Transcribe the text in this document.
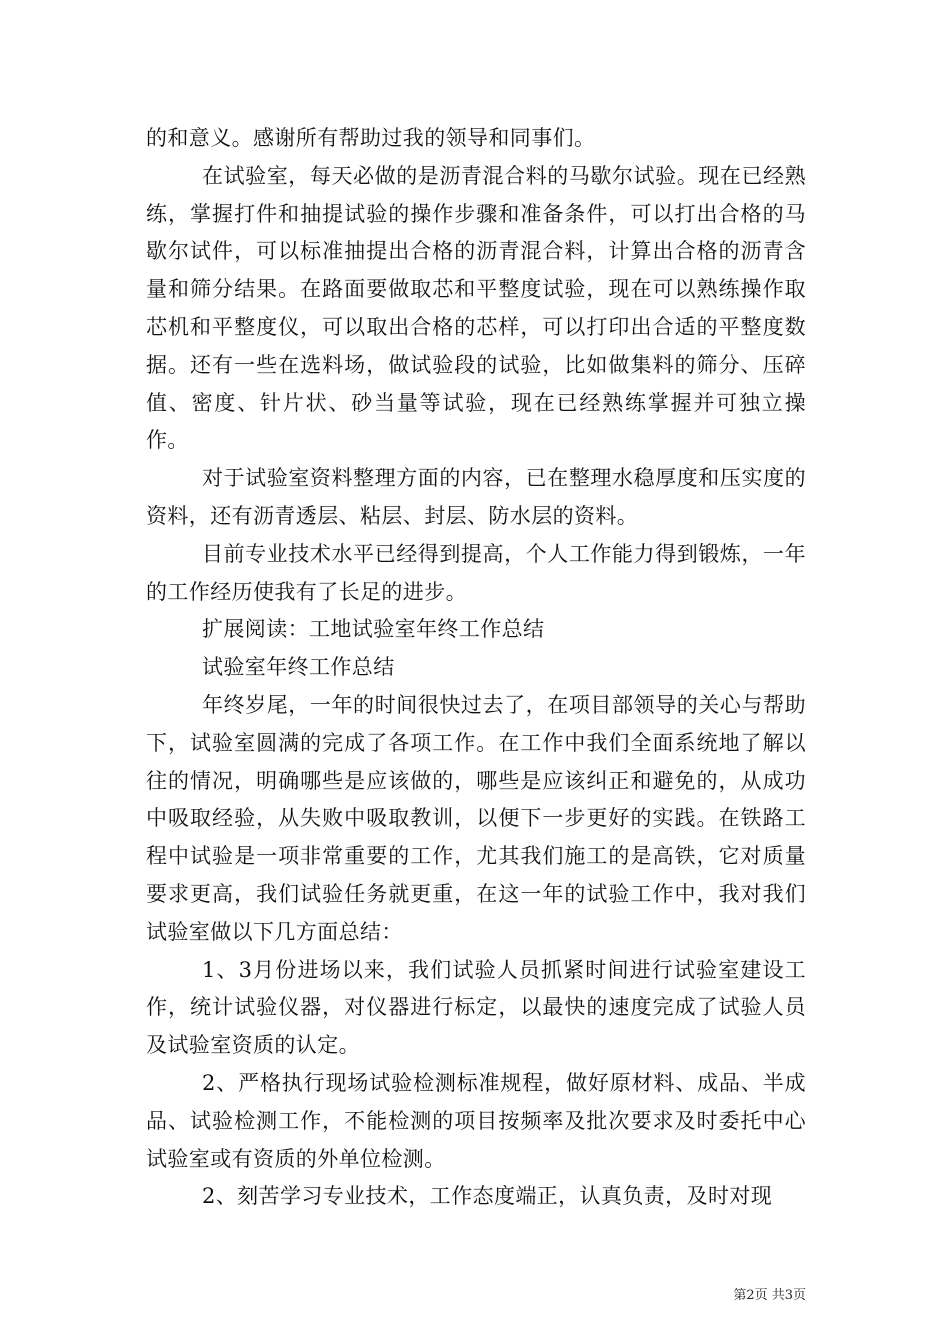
的和意义。感谢所有帮助过我的领导和同事们。

在试验室，每天必做的是沥青混合料的马歇尔试验。现在已经熟练，掌握打件和抽提试验的操作步骤和准备条件，可以打出合格的马歇尔试件，可以标准抽提出合格的沥青混合料，计算出合格的沥青含量和筛分结果。在路面要做取芯和平整度试验，现在可以熟练操作取芯机和平整度仪，可以取出合格的芯样，可以打印出合适的平整度数据。还有一些在选料场，做试验段的试验，比如做集料的筛分、压碎值、密度、针片状、砂当量等试验，现在已经熟练掌握并可独立操作。

对于试验室资料整理方面的内容，已在整理水稳厚度和压实度的资料，还有沥青透层、粘层、封层、防水层的资料。

目前专业技术水平已经得到提高，个人工作能力得到锻炼，一年的工作经历使我有了长足的进步。

扩展阅读：工地试验室年终工作总结

试验室年终工作总结

年终岁尾，一年的时间很快过去了，在项目部领导的关心与帮助下，试验室圆满的完成了各项工作。在工作中我们全面系统地了解以往的情况，明确哪些是应该做的，哪些是应该纠正和避免的，从成功中吸取经验，从失败中吸取教训，以便下一步更好的实践。在铁路工程中试验是一项非常重要的工作，尤其我们施工的是高铁，它对质量要求更高，我们试验任务就更重，在这一年的试验工作中，我对我们试验室做以下几方面总结：

1、3月份进场以来，我们试验人员抓紧时间进行试验室建设工作，统计试验仪器，对仪器进行标定，以最快的速度完成了试验人员及试验室资质的认定。

2、严格执行现场试验检测标准规程，做好原材料、成品、半成品、试验检测工作，不能检测的项目按频率及批次要求及时委托中心试验室或有资质的外单位检测。

2、刻苦学习专业技术，工作态度端正，认真负责，及时对现

第2页 共3页
